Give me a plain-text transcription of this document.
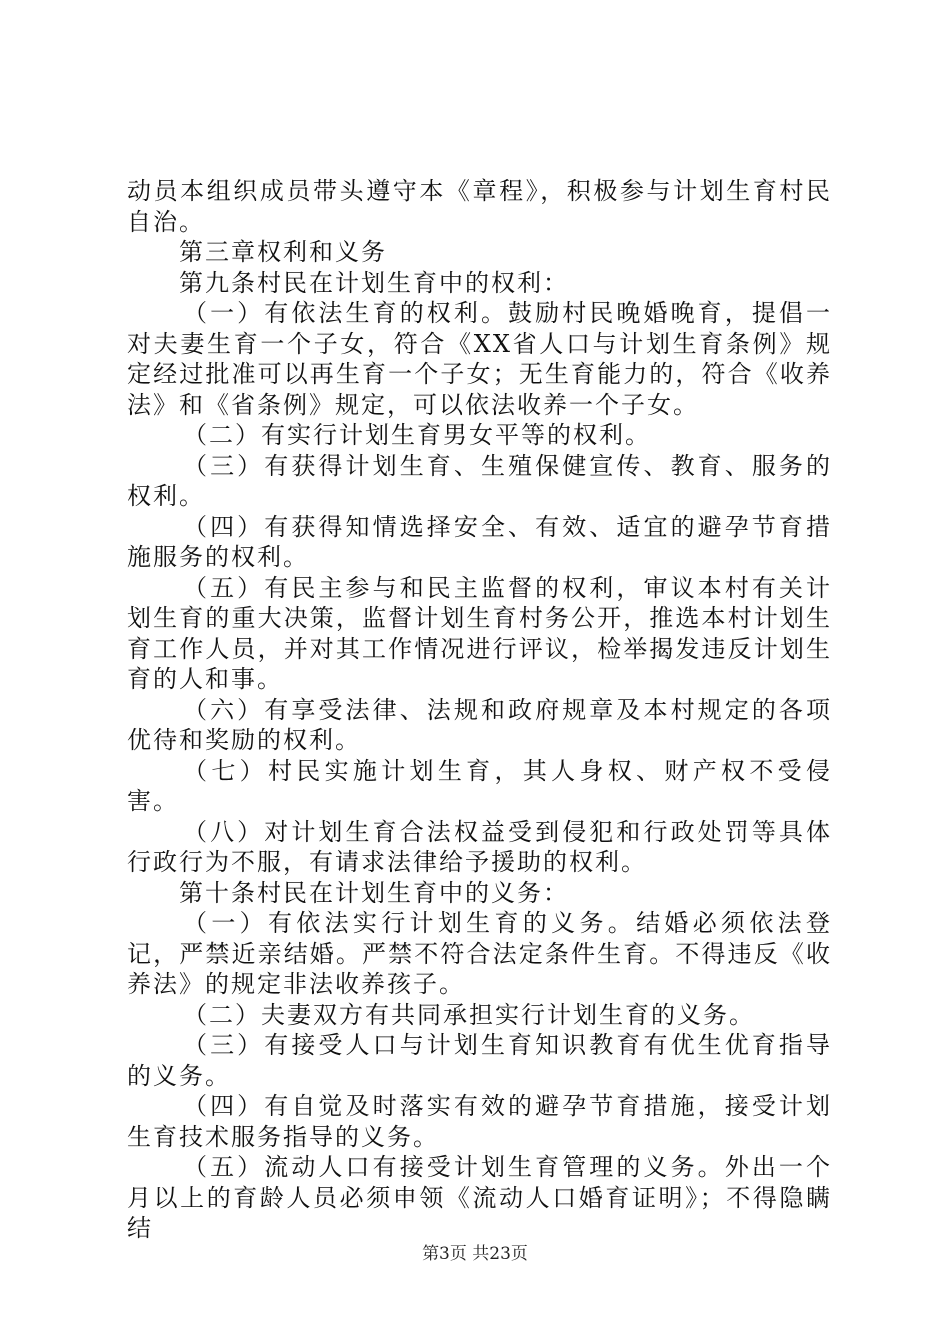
动员本组织成员带头遵守本《章程》，积极参与计划生育村民自治。

第三章权利和义务

第九条村民在计划生育中的权利：

（一）有依法生育的权利。鼓励村民晚婚晚育，提倡一对夫妻生育一个子女，符合《XX省人口与计划生育条例》规定经过批准可以再生育一个子女；无生育能力的，符合《收养法》和《省条例》规定，可以依法收养一个子女。

（二）有实行计划生育男女平等的权利。

（三）有获得计划生育、生殖保健宣传、教育、服务的权利。

（四）有获得知情选择安全、有效、适宜的避孕节育措施服务的权利。

（五）有民主参与和民主监督的权利，审议本村有关计划生育的重大决策，监督计划生育村务公开，推选本村计划生育工作人员，并对其工作情况进行评议，检举揭发违反计划生育的人和事。

（六）有享受法律、法规和政府规章及本村规定的各项优待和奖励的权利。

（七）村民实施计划生育，其人身权、财产权不受侵害。

（八）对计划生育合法权益受到侵犯和行政处罚等具体行政行为不服，有请求法律给予援助的权利。

第十条村民在计划生育中的义务：

（一）有依法实行计划生育的义务。结婚必须依法登记，严禁近亲结婚。严禁不符合法定条件生育。不得违反《收养法》的规定非法收养孩子。

（二）夫妻双方有共同承担实行计划生育的义务。

（三）有接受人口与计划生育知识教育有优生优育指导的义务。

（四）有自觉及时落实有效的避孕节育措施，接受计划生育技术服务指导的义务。

（五）流动人口有接受计划生育管理的义务。外出一个月以上的育龄人员必须申领《流动人口婚育证明》；不得隐瞒结

第3页 共23页
